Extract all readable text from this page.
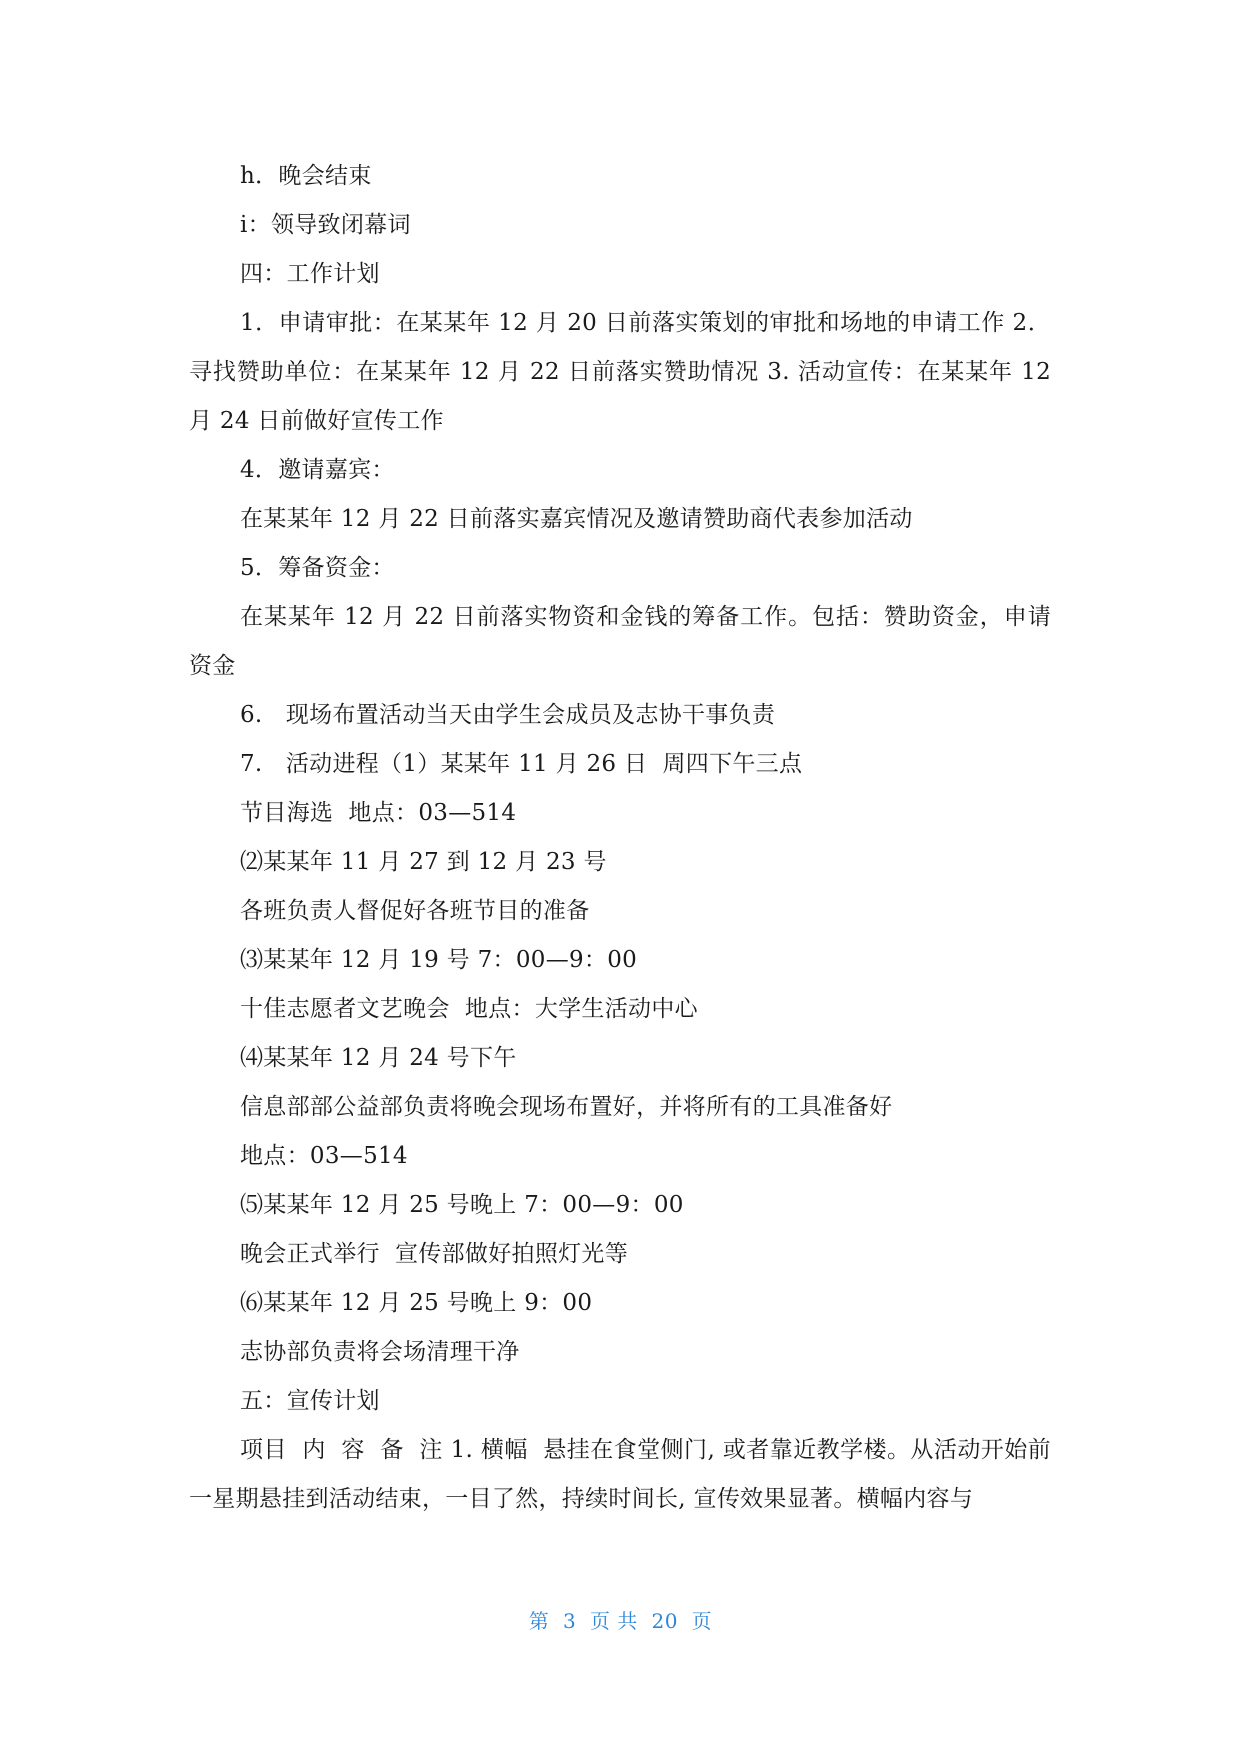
h．晚会结束

i：领导致闭幕词

四：工作计划

1．申请审批：在某某年 12 月 20 日前落实策划的审批和场地的申请工作 2．寻找赞助单位：在某某年 12 月 22 日前落实赞助情况 3. 活动宣传：在某某年 12 月 24 日前做好宣传工作

4．邀请嘉宾：

在某某年 12 月 22 日前落实嘉宾情况及邀请赞助商代表参加活动

5．筹备资金：

在某某年 12 月 22 日前落实物资和金钱的筹备工作。包括：赞助资金，申请资金

6.　现场布置活动当天由学生会成员及志协干事负责

7.　活动进程（1）某某年 11 月 26 日  周四下午三点

节目海选  地点：03—514

⑵某某年 11 月 27 到 12 月 23 号

各班负责人督促好各班节目的准备

⑶某某年 12 月 19 号 7：00—9：00

十佳志愿者文艺晚会  地点：大学生活动中心

⑷某某年 12 月 24 号下午

信息部部公益部负责将晚会现场布置好，并将所有的工具准备好

地点：03—514

⑸某某年 12 月 25 号晚上 7：00—9：00

晚会正式举行  宣传部做好拍照灯光等

⑹某某年 12 月 25 号晚上 9：00

志协部负责将会场清理干净

五：宣传计划

项目  内  容  备  注 1. 横幅  悬挂在食堂侧门, 或者靠近教学楼。从活动开始前一星期悬挂到活动结束，一目了然，持续时间长, 宣传效果显著。横幅内容与

第  3  页 共  20  页
